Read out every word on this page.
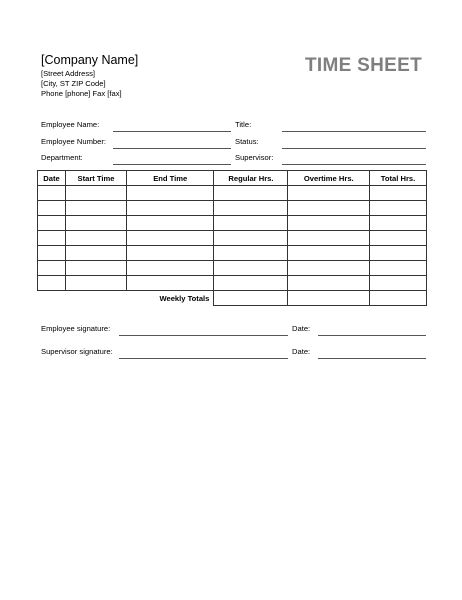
[Company Name]
[Street Address]
[City, ST ZIP Code]
Phone [phone] Fax [fax]
TIME SHEET
Employee Name:	Title:
Employee Number:	Status:
Department:	Supervisor:
Date	Start Time	End Time	Regular Hrs.	Overtime Hrs.	Total Hrs.

		Weekly Totals			
Employee signature:	Date:
Supervisor signature:	Date:
